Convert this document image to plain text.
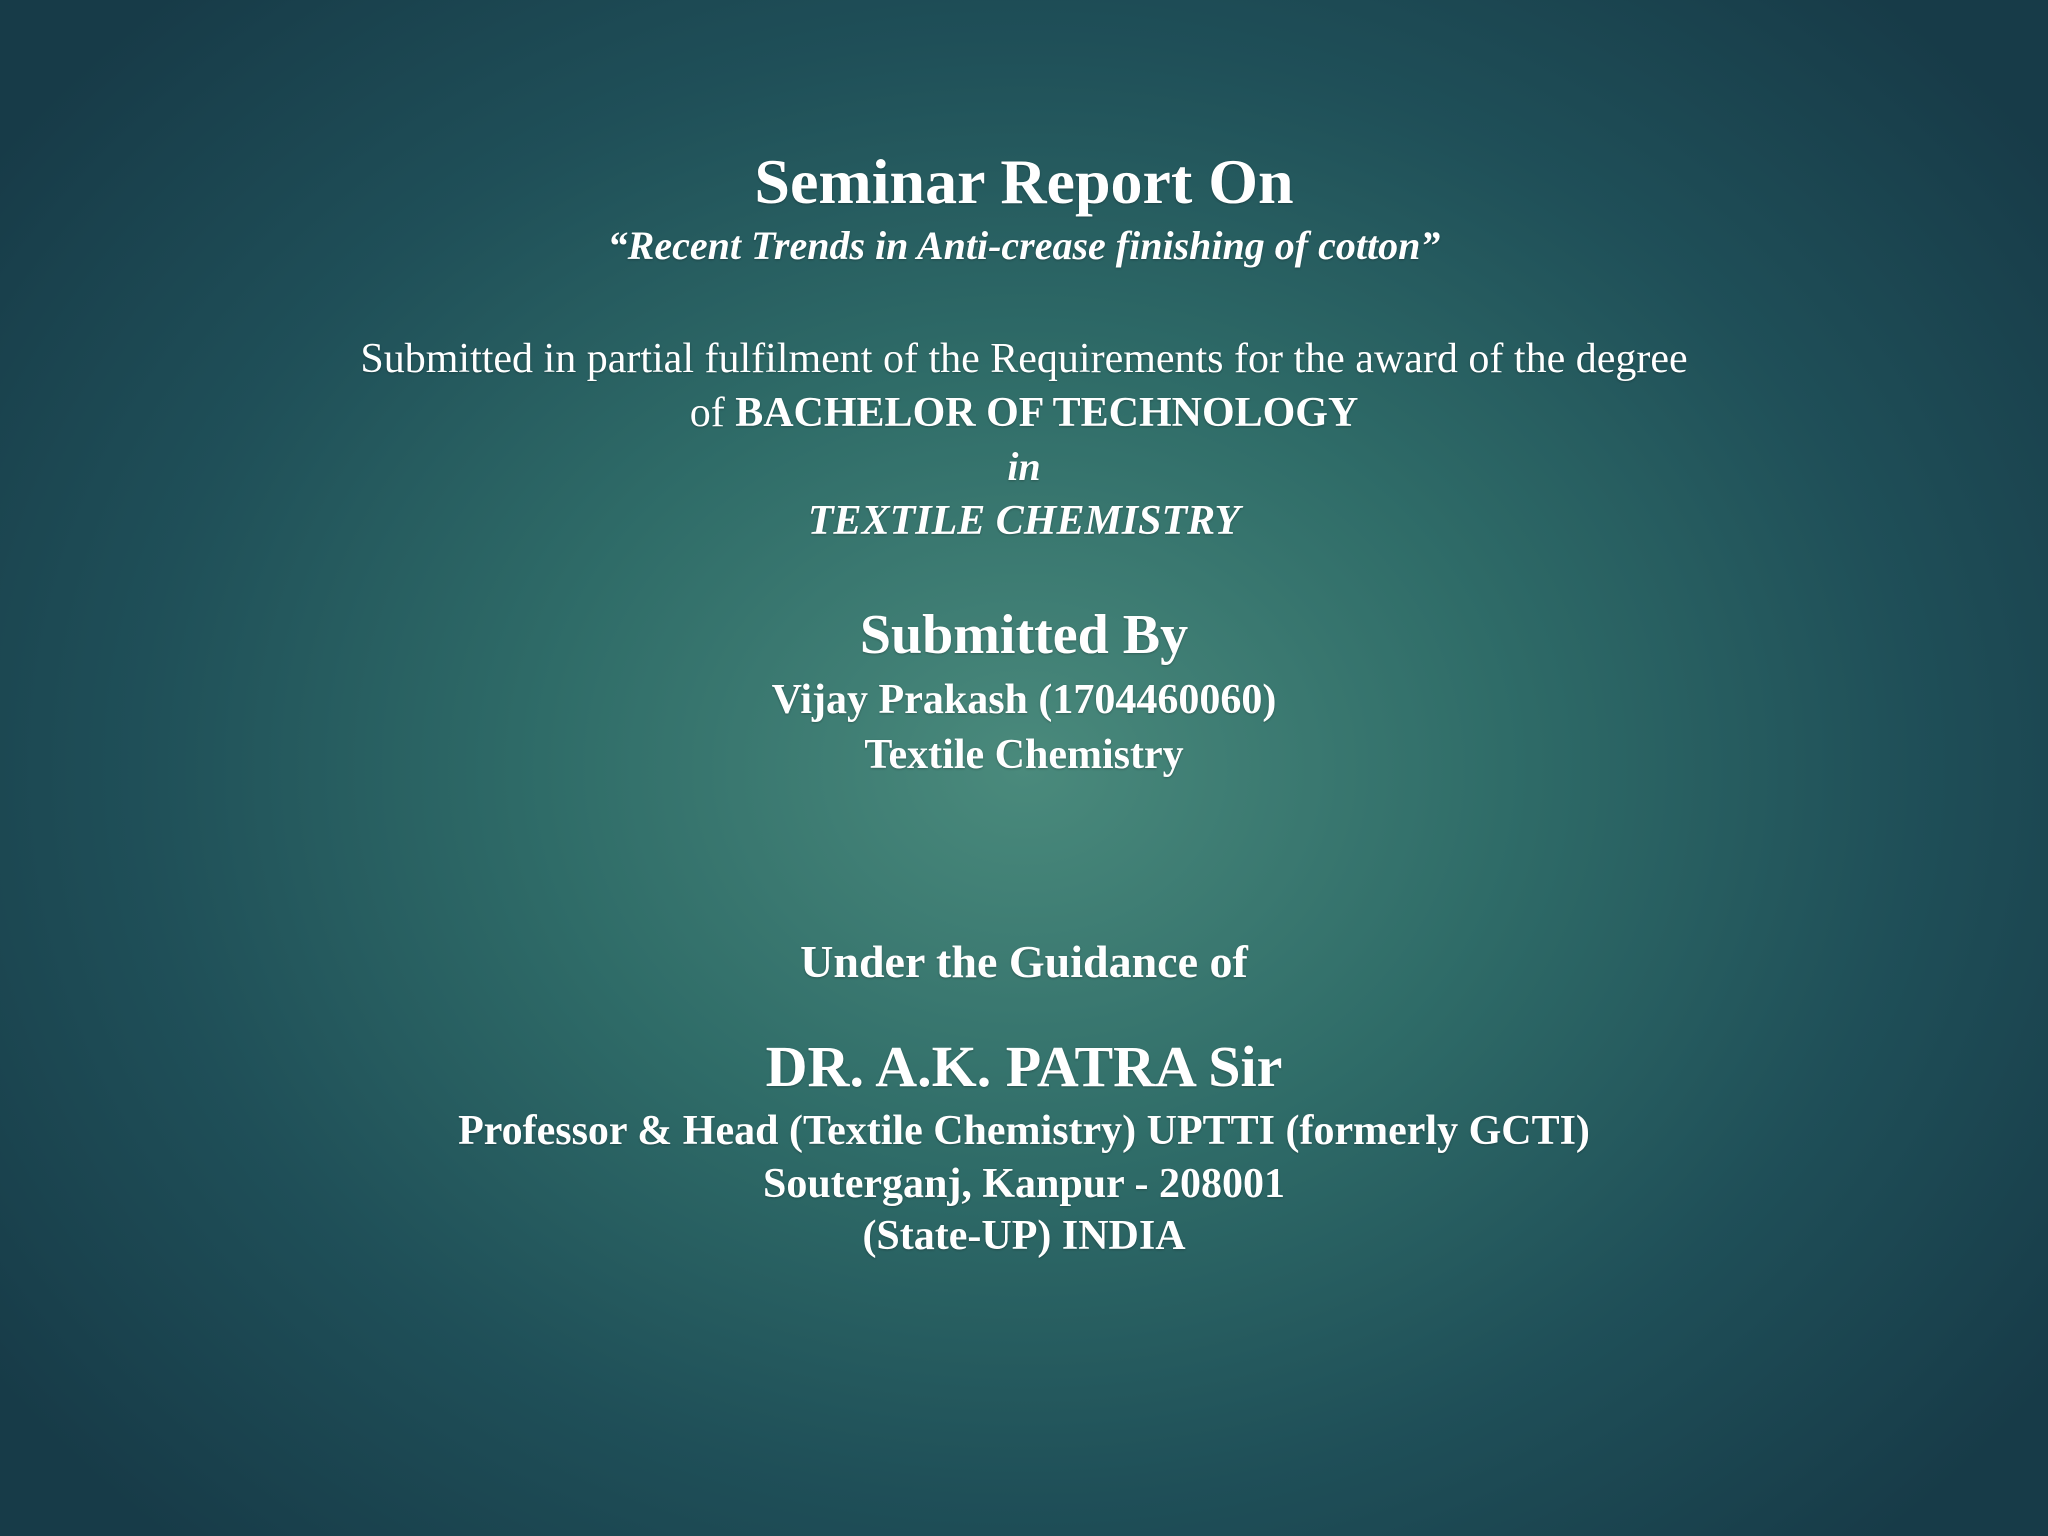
Seminar Report On
“Recent Trends in Anti-crease finishing of cotton”
Submitted in partial fulfilment of the Requirements for the award of the degree
of BACHELOR OF TECHNOLOGY
in
TEXTILE CHEMISTRY
Submitted By
Vijay Prakash (1704460060)
Textile Chemistry
Under the Guidance of
DR. A.K. PATRA Sir
Professor & Head (Textile Chemistry) UPTTI (formerly GCTI)
Souterganj, Kanpur - 208001
(State-UP) INDIA
